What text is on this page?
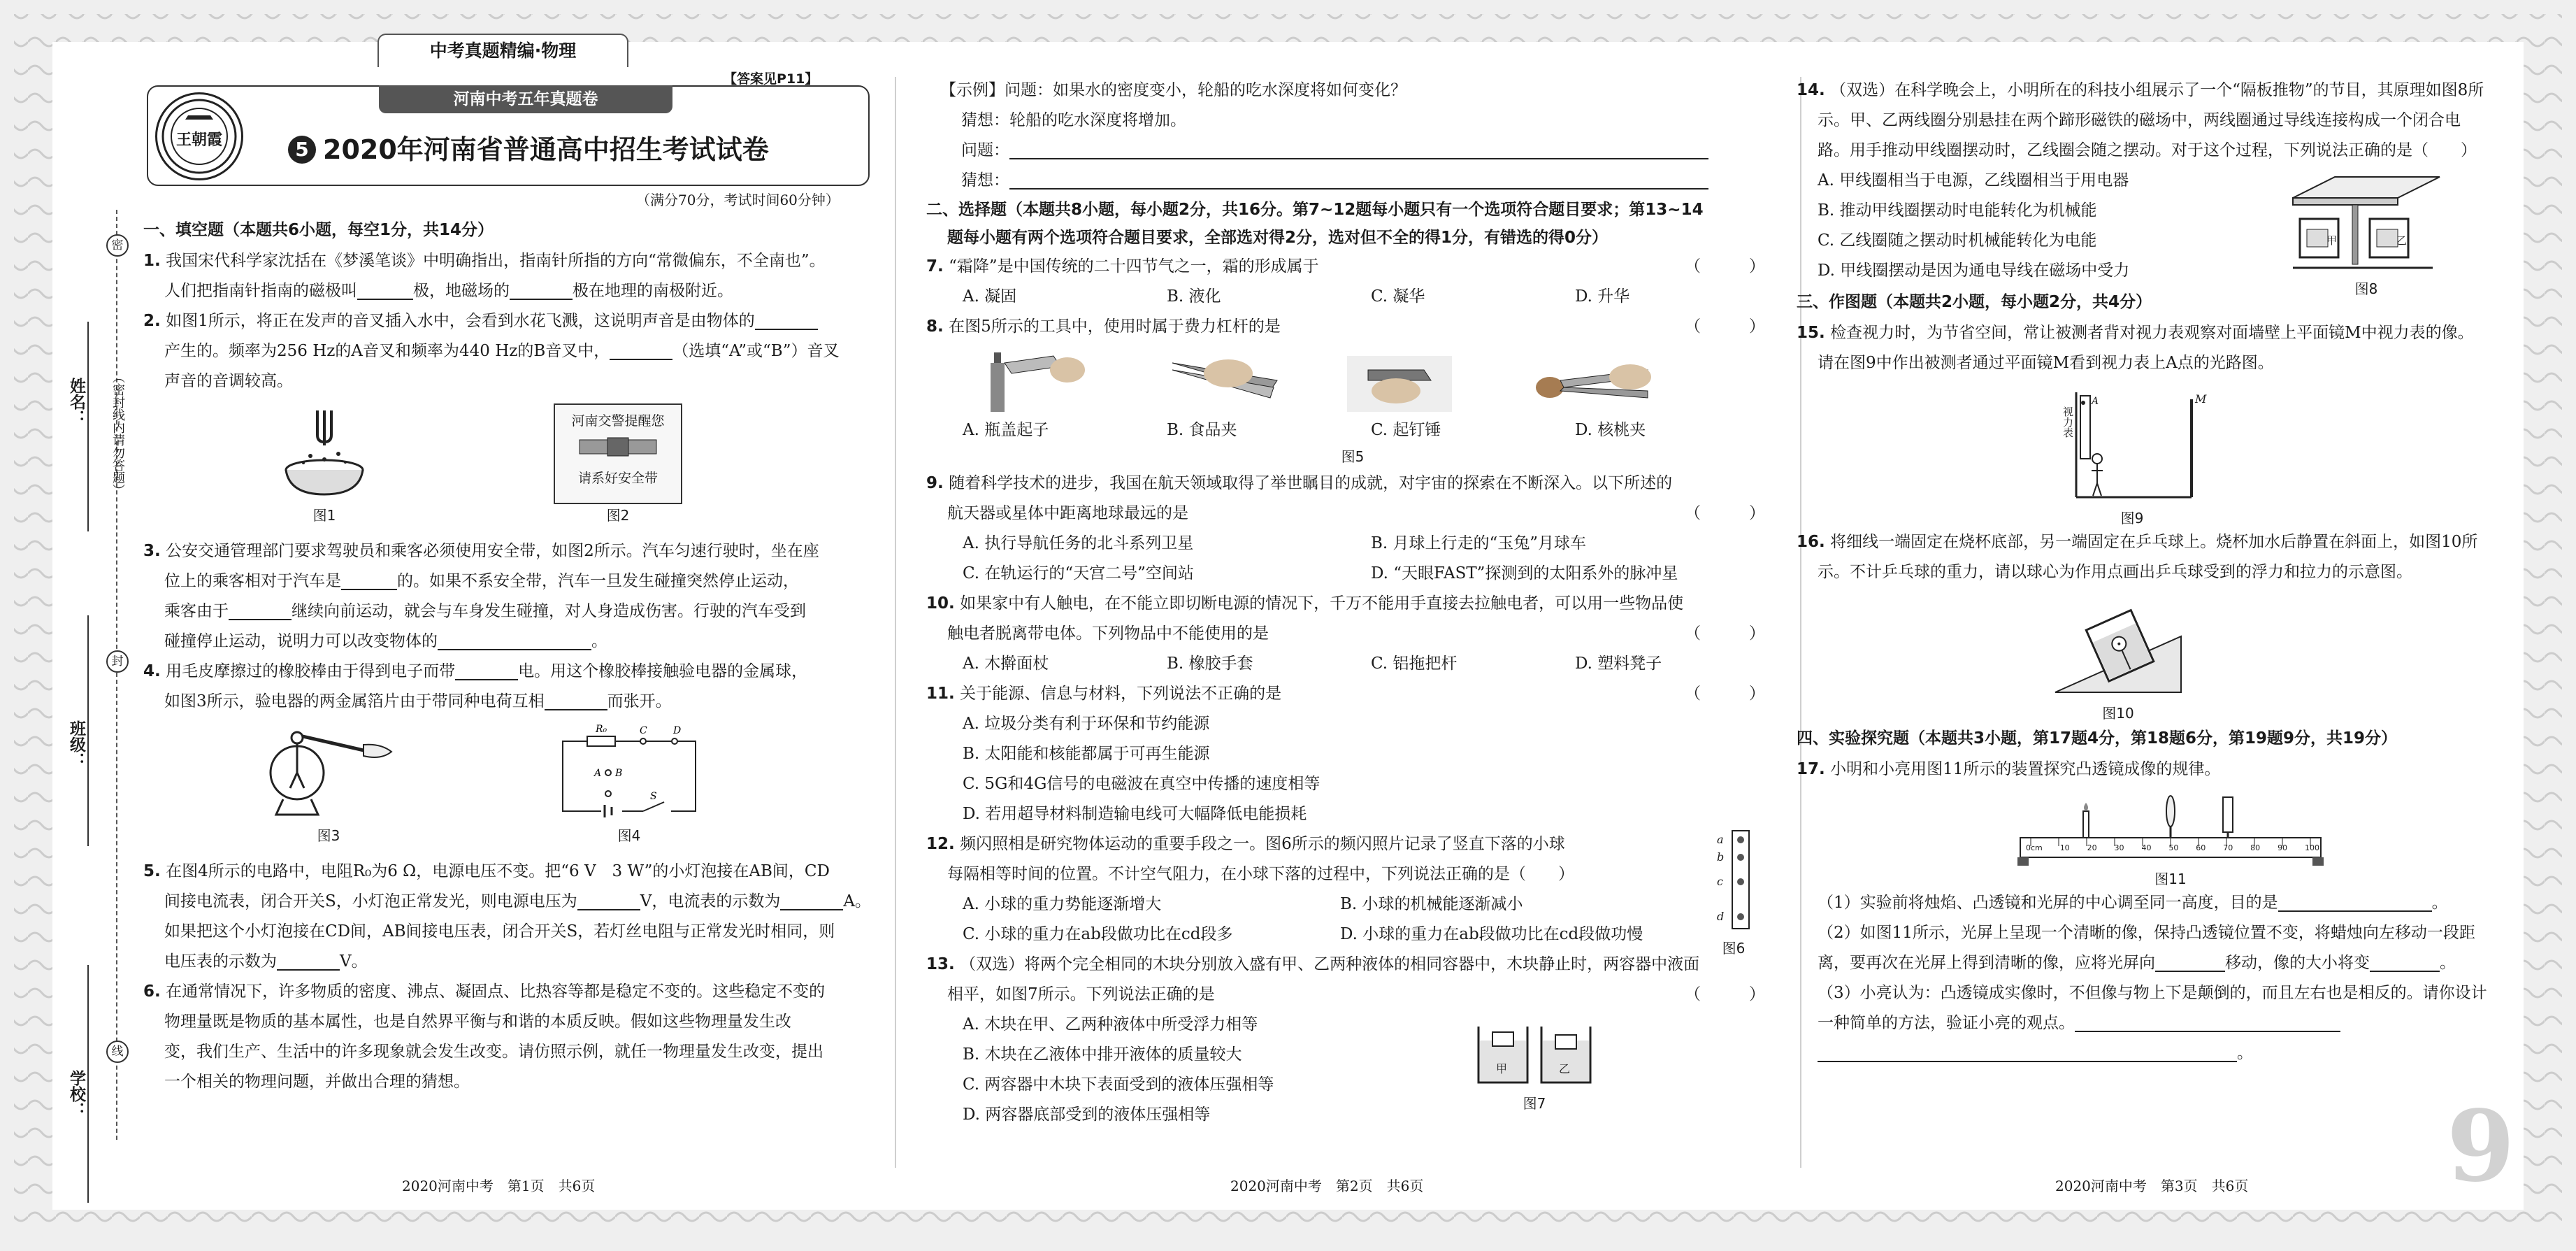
姓名：
班级：
学校：
密
（密封线内请勿答题）
封
线
中考真题精编·物理
王朝霞
河南中考五年真题卷
5 2020年河南省普通高中招生考试试卷
【答案见P11】
（满分70分，考试时间60分钟）
一、填空题（本题共6小题，每空1分，共14分）

1. 我国宋代科学家沈括在《梦溪笔谈》中明确指出，指南针所指的方向“常微偏东，不全南也”。

人们把指南针指南的磁极叫	极，地磁场的	极在地理的南极附近。

2. 如图1所示，将正在发声的音叉插入水中，会看到水花飞溅，这说明声音是由物体的

产生的。频率为256 Hz的A音叉和频率为440 Hz的B音叉中，	（选填“A”或“B”）音叉

声音的音调较高。

图1
河南交警提醒您
请系好安全带
图2

3. 公安交通管理部门要求驾驶员和乘客必须使用安全带，如图2所示。汽车匀速行驶时，坐在座

位上的乘客相对于汽车是	的。如果不系安全带，汽车一旦发生碰撞突然停止运动，

乘客由于	继续向前运动，就会与车身发生碰撞，对人身造成伤害。行驶的汽车受到

碰撞停止运动，说明力可以改变物体的	。

4. 用毛皮摩擦过的橡胶棒由于得到电子而带	电。用这个橡胶棒接触验电器的金属球，

如图3所示，验电器的两金属箔片由于带同种电荷互相	而张开。

图3
R₀
A B
C	D
S
图4

5. 在图4所示的电路中，电阻R₀为6 Ω，电源电压不变。把“6 V　3 W”的小灯泡接在AB间，CD

间接电流表，闭合开关S，小灯泡正常发光，则电源电压为	V，电流表的示数为	A。

如果把这个小灯泡接在CD间，AB间接电压表，闭合开关S，若灯丝电阻与正常发光时相同，则

电压表的示数为	V。

6. 在通常情况下，许多物质的密度、沸点、凝固点、比热容等都是稳定不变的。这些稳定不变的

物理量既是物质的基本属性，也是自然界平衡与和谐的本质反映。假如这些物理量发生改

变，我们生产、生活中的许多现象就会发生改变。请仿照示例，就任一物理量发生改变，提出

一个相关的物理问题，并做出合理的猜想。

2020河南中考　第1页　共6页

【示例】问题：如果水的密度变小，轮船的吃水深度将如何变化？

猜想：轮船的吃水深度将增加。

问题：

猜想：

二、选择题（本题共8小题，每小题2分，共16分。第7~12题每小题只有一个选项符合题目要求；第13~14
题每小题有两个选项符合题目要求，全部选对得2分，选对但不全的得1分，有错选的得0分）

7. “霜降”是中国传统的二十四节气之一，霜的形成属于	（　　　）

A. 凝固	B. 液化	C. 凝华	D. 升华

8. 在图5所示的工具中，使用时属于费力杠杆的是	（　　　）

A. 瓶盖起子	B. 食品夹	C. 起钉锤	D. 核桃夹
图5

9. 随着科学技术的进步，我国在航天领域取得了举世瞩目的成就，对宇宙的探索在不断深入。以下所述的

航天器或星体中距离地球最远的是	（　　　）

A. 执行导航任务的北斗系列卫星	B. 月球上行走的“玉兔”月球车
C. 在轨运行的“天宫二号”空间站	D. “天眼FAST”探测到的太阳系外的脉冲星

10. 如果家中有人触电，在不能立即切断电源的情况下，千万不能用手直接去拉触电者，可以用一些物品使

触电者脱离带电体。下列物品中不能使用的是	（　　　）

A. 木擀面杖	B. 橡胶手套	C. 铝拖把杆	D. 塑料凳子

11. 关于能源、信息与材料，下列说法不正确的是	（　　　）

A. 垃圾分类有利于环保和节约能源
B. 太阳能和核能都属于可再生能源
C. 5G和4G信号的电磁波在真空中传播的速度相等
D. 若用超导材料制造输电线可大幅降低电能损耗

12. 频闪照相是研究物体运动的重要手段之一。图6所示的频闪照片记录了竖直下落的小球

每隔相等时间的位置。不计空气阻力，在小球下落的过程中，下列说法正确的是（　　）

A. 小球的重力势能逐渐增大	B. 小球的机械能逐渐减小
C. 小球的重力在ab段做功比在cd段多	D. 小球的重力在ab段做功比在cd段做功慢
a
b
c
d
图6

13. （双选）将两个完全相同的木块分别放入盛有甲、乙两种液体的相同容器中，木块静止时，两容器中液面

相平，如图7所示。下列说法正确的是	（　　　）

A. 木块在甲、乙两种液体中所受浮力相等
B. 木块在乙液体中排开液体的质量较大
C. 两容器中木块下表面受到的液体压强相等
D. 两容器底部受到的液体压强相等
甲	乙
图7
2020河南中考　第2页　共6页

14. （双选）在科学晚会上，小明所在的科技小组展示了一个“隔板推物”的节目，其原理如图8所

示。甲、乙两线圈分别悬挂在两个蹄形磁铁的磁场中，两线圈通过导线连接构成一个闭合电

路。用手推动甲线圈摆动时，乙线圈会随之摆动。对于这个过程，下列说法正确的是（　　）

A. 甲线圈相当于电源，乙线圈相当于用电器
B. 推动甲线圈摆动时电能转化为机械能
C. 乙线圈随之摆动时机械能转化为电能
D. 甲线圈摆动是因为通电导线在磁场中受力
甲	乙
图8
三、作图题（本题共2小题，每小题2分，共4分）

15. 检查视力时，为节省空间，常让被测者背对视力表观察对面墙壁上平面镜M中视力表的像。

请在图9中作出被测者通过平面镜M看到视力表上A点的光路图。

视力表
M
A
图9

16. 将细线一端固定在烧杯底部，另一端固定在乒乓球上。烧杯加水后静置在斜面上，如图10所

示。不计乒乓球的重力，请以球心为作用点画出乒乓球受到的浮力和拉力的示意图。

图10
四、实验探究题（本题共3小题，第17题4分，第18题6分，第19题9分，共19分）

17. 小明和小亮用图11所示的装置探究凸透镜成像的规律。

0cm 10 20 30 40 50 60 70 80 90 100
图11

（1）实验前将烛焰、凸透镜和光屏的中心调至同一高度，目的是	。

（2）如图11所示，光屏上呈现一个清晰的像，保持凸透镜位置不变，将蜡烛向左移动一段距

离，要再次在光屏上得到清晰的像，应将光屏向	移动，像的大小将变	。

（3）小亮认为：凸透镜成实像时，不但像与物上下是颠倒的，而且左右也是相反的。请你设计

一种简单的方法，验证小亮的观点。

。

2020河南中考　第3页　共6页 9
